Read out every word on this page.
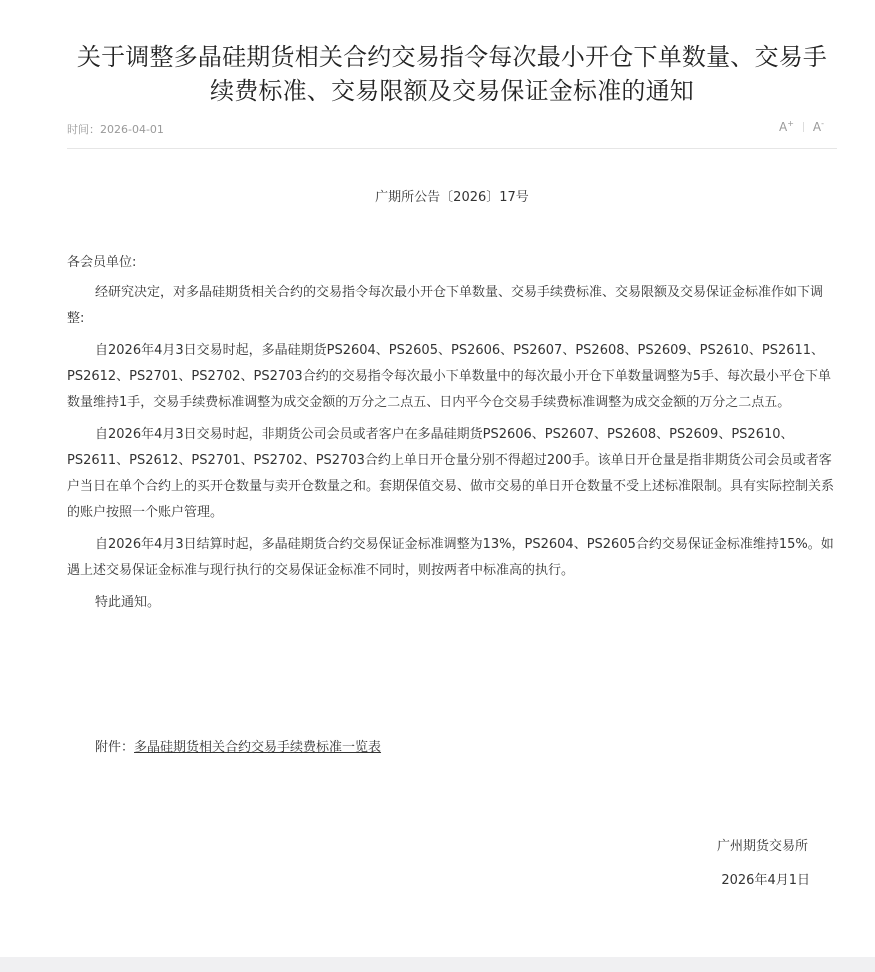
关于调整多晶硅期货相关合约交易指令每次最小开仓下单数量、交易手续费标准、交易限额及交易保证金标准的通知
时间：2026-04-01	A+ A-
广期所公告〔2026〕17号

各会员单位:

经研究决定，对多晶硅期货相关合约的交易指令每次最小开仓下单数量、交易手续费标准、交易限额及交易保证金标准作如下调整:

自2026年4月3日交易时起，多晶硅期货PS2604、PS2605、PS2606、PS2607、PS2608、PS2609、PS2610、PS2611、PS2612、PS2701、PS2702、PS2703合约的交易指令每次最小下单数量中的每次最小开仓下单数量调整为5手、每次最小平仓下单数量维持1手，交易手续费标准调整为成交金额的万分之二点五、日内平今仓交易手续费标准调整为成交金额的万分之二点五。

自2026年4月3日交易时起，非期货公司会员或者客户在多晶硅期货PS2606、PS2607、PS2608、PS2609、PS2610、PS2611、PS2612、PS2701、PS2702、PS2703合约上单日开仓量分别不得超过200手。该单日开仓量是指非期货公司会员或者客户当日在单个合约上的买开仓数量与卖开仓数量之和。套期保值交易、做市交易的单日开仓数量不受上述标准限制。具有实际控制关系的账户按照一个账户管理。

自2026年4月3日结算时起，多晶硅期货合约交易保证金标准调整为13%，PS2604、PS2605合约交易保证金标准维持15%。如遇上述交易保证金标准与现行执行的交易保证金标准不同时，则按两者中标准高的执行。

特此通知。

附件：多晶硅期货相关合约交易手续费标准一览表
广州期货交易所
2026年4月1日
